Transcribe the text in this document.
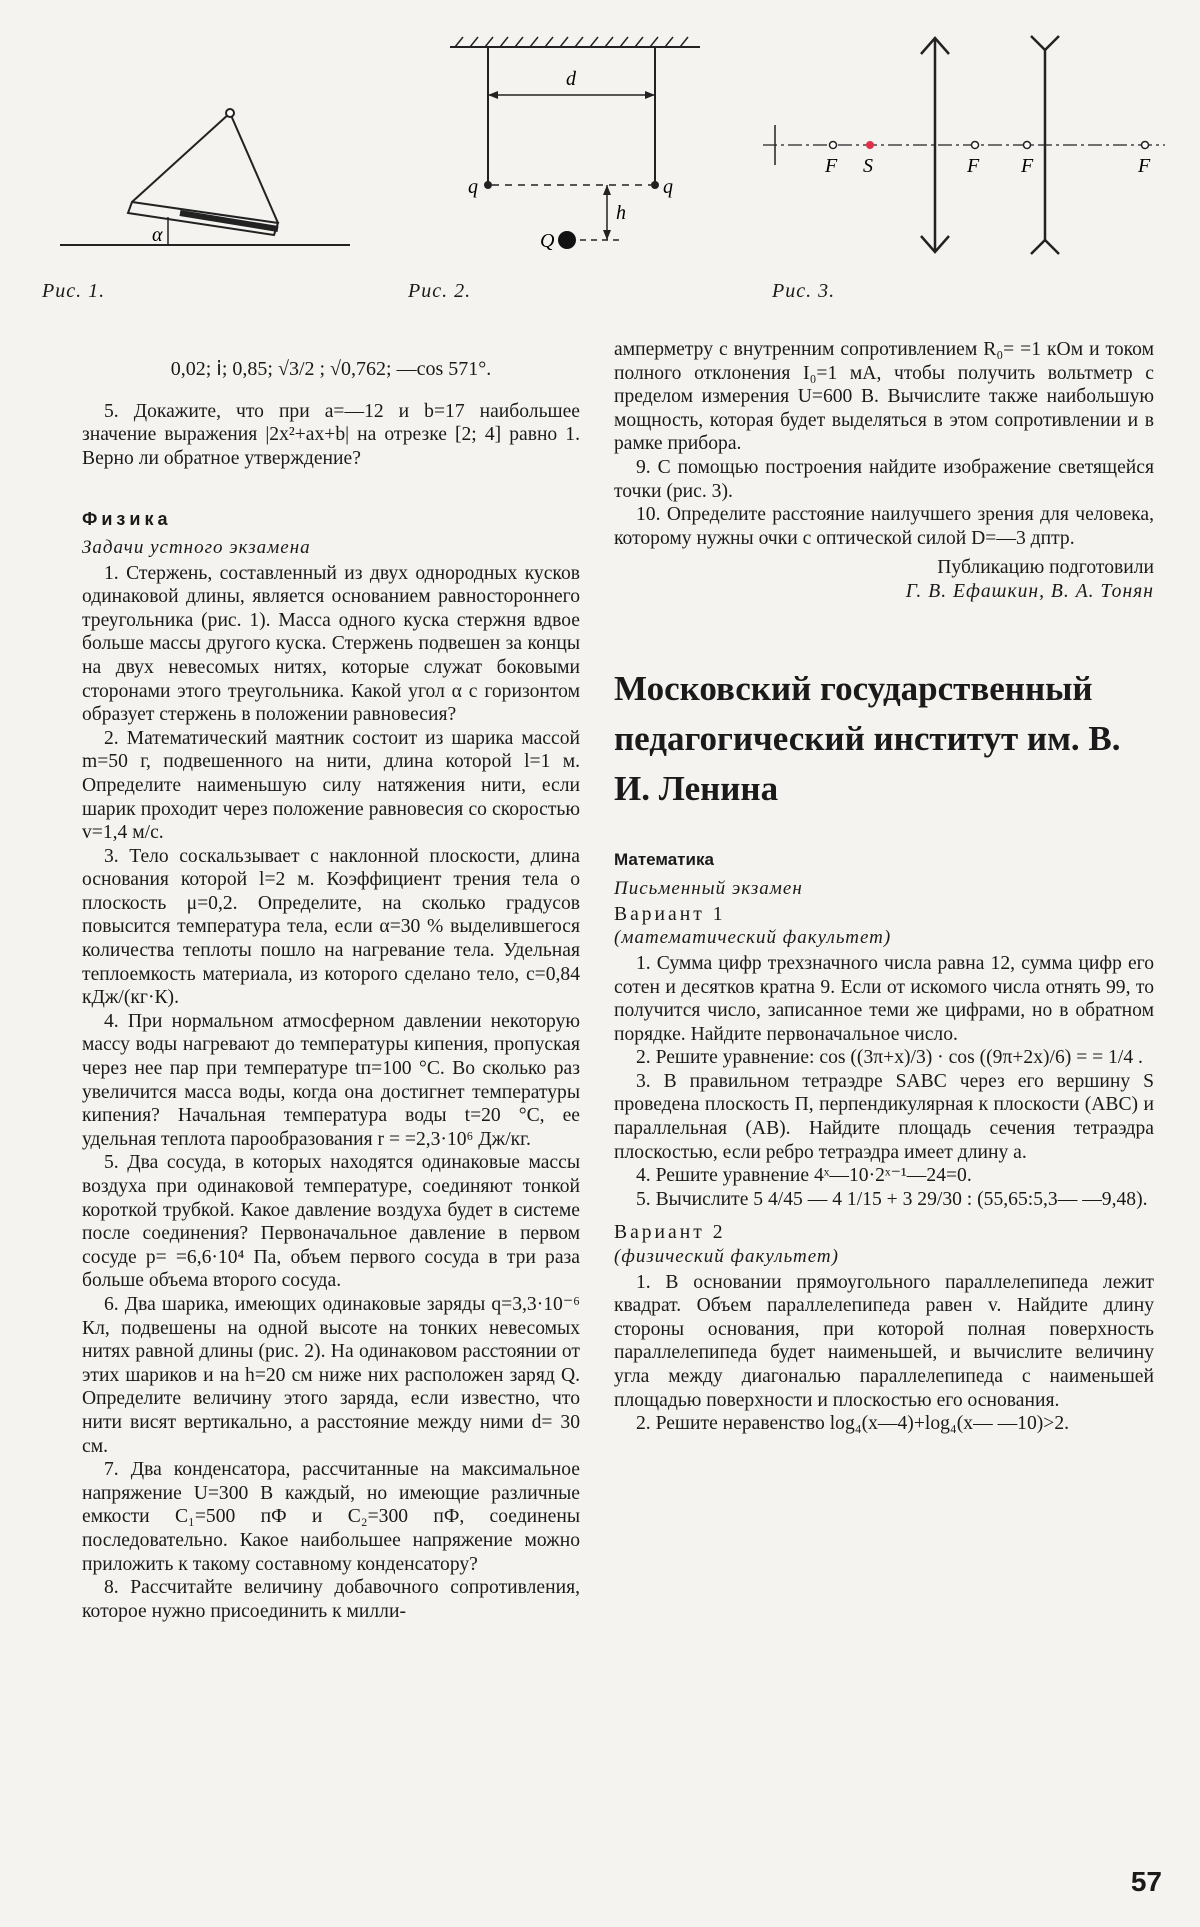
α
Рис. 1.
d
q	q
h
Q
Рис. 2.
F S	F F	F
Рис. 3.
0,02; ⅰ; 0,85; √3/2 ; √0,762; —cos 571°.

5. Докажите, что при a=—12 и b=17 наибольшее значение выражения |2x²+ax+b| на отрезке [2; 4] равно 1. Верно ли обратное утверждение?

Физика
Задачи устного экзамена

1. Стержень, составленный из двух однородных кусков одинаковой длины, является основанием равностороннего треугольника (рис. 1). Масса одного куска стержня вдвое больше массы другого куска. Стержень подвешен за концы на двух невесомых нитях, которые служат боковыми сторонами этого треугольника. Какой угол α с горизонтом образует стержень в положении равновесия?

2. Математический маятник состоит из шарика массой m=50 г, подвешенного на нити, длина которой l=1 м. Определите наименьшую силу натяжения нити, если шарик проходит через положение равновесия со скоростью v=1,4 м/с.

3. Тело соскальзывает с наклонной плоскости, длина основания которой l=2 м. Коэффициент трения тела о плоскость μ=0,2. Определите, на сколько градусов повысится температура тела, если α=30 % выделившегося количества теплоты пошло на нагревание тела. Удельная теплоемкость материала, из которого сделано тело, c=0,84 кДж/(кг·К).

4. При нормальном атмосферном давлении некоторую массу воды нагревают до температуры кипения, пропуская через нее пар при температуре tп=100 °C. Во сколько раз увеличится масса воды, когда она достигнет температуры кипения? Начальная температура воды t=20 °C, ее удельная теплота парообразования r = =2,3·10⁶ Дж/кг.

5. Два сосуда, в которых находятся одинаковые массы воздуха при одинаковой температуре, соединяют тонкой короткой трубкой. Какое давление воздуха будет в системе после соединения? Первоначальное давление в первом сосуде p= =6,6·10⁴ Па, объем первого сосуда в три раза больше объема второго сосуда.

6. Два шарика, имеющих одинаковые заряды q=3,3·10⁻⁶ Кл, подвешены на одной высоте на тонких невесомых нитях равной длины (рис. 2). На одинаковом расстоянии от этих шариков и на h=20 см ниже них расположен заряд Q. Определите величину этого заряда, если известно, что нити висят вертикально, а расстояние между ними d= 30 см.

7. Два конденсатора, рассчитанные на максимальное напряжение U=300 В каждый, но имеющие различные емкости C₁=500 пФ и C₂=300 пФ, соединены последовательно. Какое наибольшее напряжение можно приложить к такому составному конденсатору?

8. Рассчитайте величину добавочного сопротивления, которое нужно присоединить к милли-

амперметру с внутренним сопротивлением R₀= =1 кОм и током полного отклонения I₀=1 мА, чтобы получить вольтметр с пределом измерения U=600 В. Вычислите также наибольшую мощность, которая будет выделяться в этом сопротивлении и в рамке прибора.

9. С помощью построения найдите изображение светящейся точки (рис. 3).

10. Определите расстояние наилучшего зрения для человека, которому нужны очки с оптической силой D=—3 дптр.

Публикацию подготовили
Г. В. Ефашкин, В. А. Тонян
Московский государственный педагогический институт им. В. И. Ленина
Математика
Письменный экзамен
Вариант 1
(математический факультет)

1. Сумма цифр трехзначного числа равна 12, сумма цифр его сотен и десятков кратна 9. Если от искомого числа отнять 99, то получится число, записанное теми же цифрами, но в обратном порядке. Найдите первоначальное число.

2. Решите уравнение: cos ((3π+x)/3) · cos ((9π+2x)/6) = = 1/4 .

3. В правильном тетраэдре SABC через его вершину S проведена плоскость Π, перпендикулярная к плоскости (ABC) и параллельная (AB). Найдите площадь сечения тетраэдра плоскостью, если ребро тетраэдра имеет длину a.

4. Решите уравнение 4ˣ—10·2ˣ⁻¹—24=0.

5. Вычислите 5 4/45 — 4 1/15 + 3 29/30 : (55,65:5,3— —9,48).

Вариант 2
(физический факультет)

1. В основании прямоугольного параллелепипеда лежит квадрат. Объем параллелепипеда равен v. Найдите длину стороны основания, при которой полная поверхность параллелепипеда будет наименьшей, и вычислите величину угла между диагональю параллелепипеда с наименьшей площадью поверхности и плоскостью его основания.

2. Решите неравенство log₄(x—4)+log₄(x— —10)>2.

57
